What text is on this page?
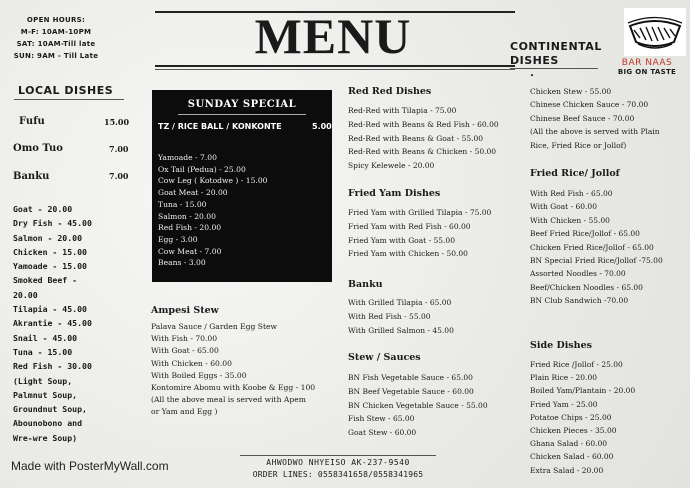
OPEN HOURS:
M-F: 10AM-10PM
SAT: 10AM-Till late
SUN: 9AM - Till Late	MENU	BAR NAAS
BIG ON TASTE
LOCAL DISHES
Fufu	15.00
Omo Tuo	7.00
Banku	7.00
Goat - 20.00
Dry Fish - 45.00
Salmon - 20.00
Chicken - 15.00
Yamoade - 15.00
Smoked Beef -
20.00
Tilapia - 45.00
Akrantie - 45.00
Snail - 45.00
Tuna - 15.00
Red Fish - 30.00
(Light Soup,
Palmnut Soup,
Groundnut Soup,
Abounobono and
Wre-wre Soup)
SUNDAY SPECIAL
TZ / RICE BALL / KONKONTE	5.00
Yamoade - 7.00
Ox Tail (Pedua) - 25.00
Cow Leg ( Kotodwe ) - 15.00
Goat Meat - 20.00
Tuna - 15.00
Salmon - 20.00
Red Fish - 20.00
Egg - 3.00
Cow Meat - 7.00
Beans - 3.00
Ampesi Stew
Palava Sauce / Garden Egg Stew
With Fish - 70.00
With Goat - 65.00
With Chicken - 60.00
With Boiled Eggs - 35.00
Kontomire Abomu with Koobe & Egg - 100
(All the above meal is served with Apem
or Yam and Egg )
Red Red Dishes
Red-Red with Tilapia - 75.00
Red-Red with Beans & Red Fish - 60.00
Red-Red with Beans & Goat - 55.00
Red-Red with Beans & Chicken - 50.00
Spicy Kelewele - 20.00
Fried Yam Dishes
Fried Yam with Grilled Tilapia - 75.00
Fried Yam with Red Fish - 60.00
Fried Yam with Goat - 55.00
Fried Yam with Chicken - 50.00
Banku
With Grilled Tilapia - 65.00
With Red Fish - 55.00
With Grilled Salmon - 45.00
Stew / Sauces
BN Fish Vegetable Sauce - 65.00
BN Beef Vegetable Sauce - 60.00
BN Chicken Vegetable Sauce - 55.00
Fish Stew - 65.00
Goat Stew - 60.00
CONTINENTAL
DISHES
•
Chicken Stew - 55.00
Chinese Chicken Sauce - 70.00
Chinese Beef Sauce - 70.00
(All the above is served with Plain
Rice, Fried Rice or Jollof)
Fried Rice/ Jollof
With Red Fish - 65.00
With Goat - 60.00
With Chicken - 55.00
Beef Fried Rice/Jollof - 65.00
Chicken Fried Rice/Jollof - 65.00
BN Special Fried Rice/Jollof -75.00
Assorted Noodles - 70.00
Beef/Chicken Noodles - 65.00
BN Club Sandwich -70.00
Side Dishes
Fried Rice /Jollof - 25.00
Plain Rice - 20.00
Boiled Yam/Plantain - 20.00
Fried Yam - 25.00
Potatoe Chips - 25.00
Chicken Pieces - 35.00
Ghana Salad - 60.00
Chicken Salad - 60.00
Extra Salad - 20.00
Made with PosterMyWall.com	AHWODWO NHYEISO AK-237-9540
ORDER LINES: 0558341658/0558341965
